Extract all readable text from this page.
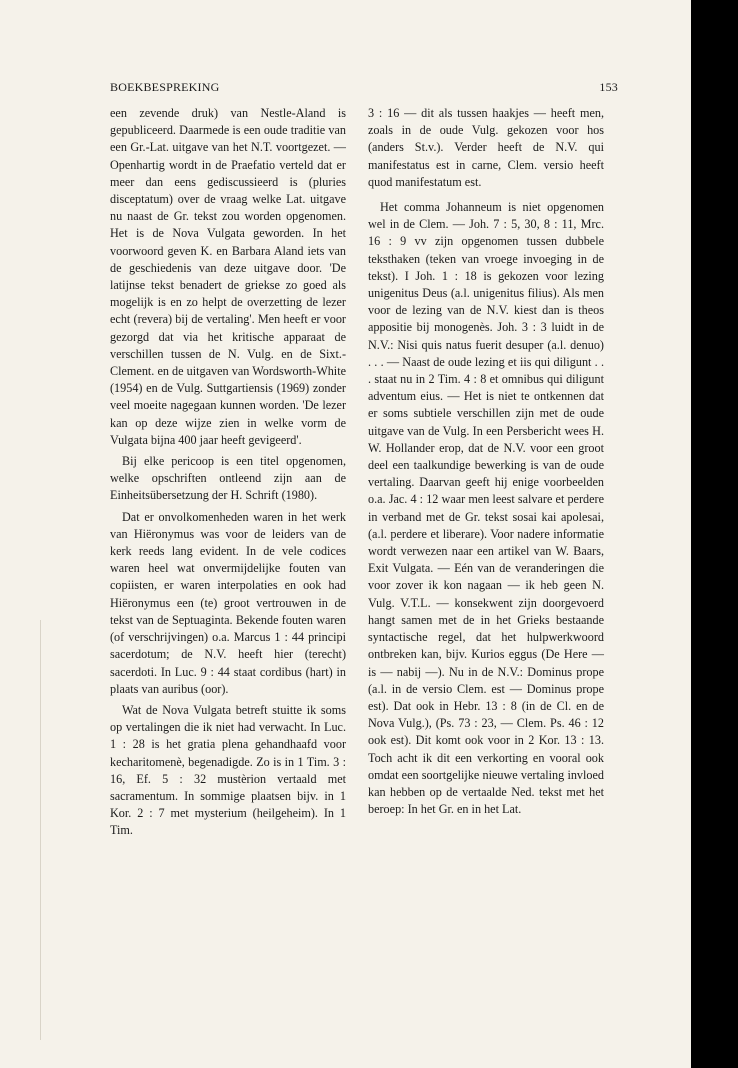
BOEKBESPREKING	153

een zevende druk) van Nestle-Aland is gepubliceerd. Daarmede is een oude traditie van een Gr.-Lat. uitgave van het N.T. voortgezet. — Openhartig wordt in de Praefatio verteld dat er meer dan eens gediscussieerd is (pluries disceptatum) over de vraag welke Lat. uitgave nu naast de Gr. tekst zou worden opgenomen. Het is de Nova Vulgata geworden. In het voorwoord geven K. en Barbara Aland iets van de geschiedenis van deze uitgave door. 'De latijnse tekst benadert de griekse zo goed als mogelijk is en zo helpt de overzetting de lezer echt (revera) bij de vertaling'. Men heeft er voor gezorgd dat via het kritische apparaat de verschillen tussen de N. Vulg. en de Sixt.-Clement. en de uitgaven van Wordsworth-White (1954) en de Vulg. Suttgartiensis (1969) zonder veel moeite nagegaan kunnen worden. 'De lezer kan op deze wijze zien in welke vorm de Vulgata bijna 400 jaar heeft gevigeerd'.

Bij elke pericoop is een titel opgenomen, welke opschriften ontleend zijn aan de Einheitsübersetzung der H. Schrift (1980).

Dat er onvolkomenheden waren in het werk van Hiëronymus was voor de leiders van de kerk reeds lang evident. In de vele codices waren heel wat onvermijdelijke fouten van copiisten, er waren interpolaties en ook had Hiëronymus een (te) groot vertrouwen in de tekst van de Septuaginta. Bekende fouten waren (of verschrijvingen) o.a. Marcus 1 : 44 principi sacerdotum; de N.V. heeft hier (terecht) sacerdoti. In Luc. 9 : 44 staat cordibus (hart) in plaats van auribus (oor).

Wat de Nova Vulgata betreft stuitte ik soms op vertalingen die ik niet had verwacht. In Luc. 1 : 28 is het gratia plena gehandhaafd voor kecharitomenè, begenadigde. Zo is in 1 Tim. 3 : 16, Ef. 5 : 32 mustèrion vertaald met sacramentum. In sommige plaatsen bijv. in 1 Kor. 2 : 7 met mysterium (heilgeheim). In 1 Tim.

3 : 16 — dit als tussen haakjes — heeft men, zoals in de oude Vulg. gekozen voor hos (anders St.v.). Verder heeft de N.V. qui manifestatus est in carne, Clem. versio heeft quod manifestatum est.

Het comma Johanneum is niet opgenomen wel in de Clem. — Joh. 7 : 5, 30, 8 : 11, Mrc. 16 : 9 vv zijn opgenomen tussen dubbele teksthaken (teken van vroege invoeging in de tekst). I Joh. 1 : 18 is gekozen voor lezing unigenitus Deus (a.l. unigenitus filius). Als men voor de lezing van de N.V. kiest dan is theos appositie bij monogenès. Joh. 3 : 3 luidt in de N.V.: Nisi quis natus fuerit desuper (a.l. denuo) . . . — Naast de oude lezing et iis qui diligunt . . . staat nu in 2 Tim. 4 : 8 et omnibus qui diligunt adventum eius. — Het is niet te ontkennen dat er soms subtiele verschillen zijn met de oude uitgave van de Vulg. In een Persbericht wees H. W. Hollander erop, dat de N.V. voor een groot deel een taalkundige bewerking is van de oude vertaling. Daarvan geeft hij enige voorbeelden o.a. Jac. 4 : 12 waar men leest salvare et perdere in verband met de Gr. tekst sosai kai apolesai, (a.l. perdere et liberare). Voor nadere informatie wordt verwezen naar een artikel van W. Baars, Exit Vulgata. — Eén van de veranderingen die voor zover ik kon nagaan — ik heb geen N. Vulg. V.T.L. — konsekwent zijn doorgevoerd hangt samen met de in het Grieks bestaande syntactische regel, dat het hulpwerkwoord ontbreken kan, bijv. Kurios eggus (De Here — is — nabij —). Nu in de N.V.: Dominus prope (a.l. in de versio Clem. est — Dominus prope est). Dat ook in Hebr. 13 : 8 (in de Cl. en de Nova Vulg.), (Ps. 73 : 23, — Clem. Ps. 46 : 12 ook est). Dit komt ook voor in 2 Kor. 13 : 13. Toch acht ik dit een verkorting en vooral ook omdat een soortgelijke nieuwe vertaling invloed kan hebben op de vertaalde Ned. tekst met het beroep: In het Gr. en in het Lat.
